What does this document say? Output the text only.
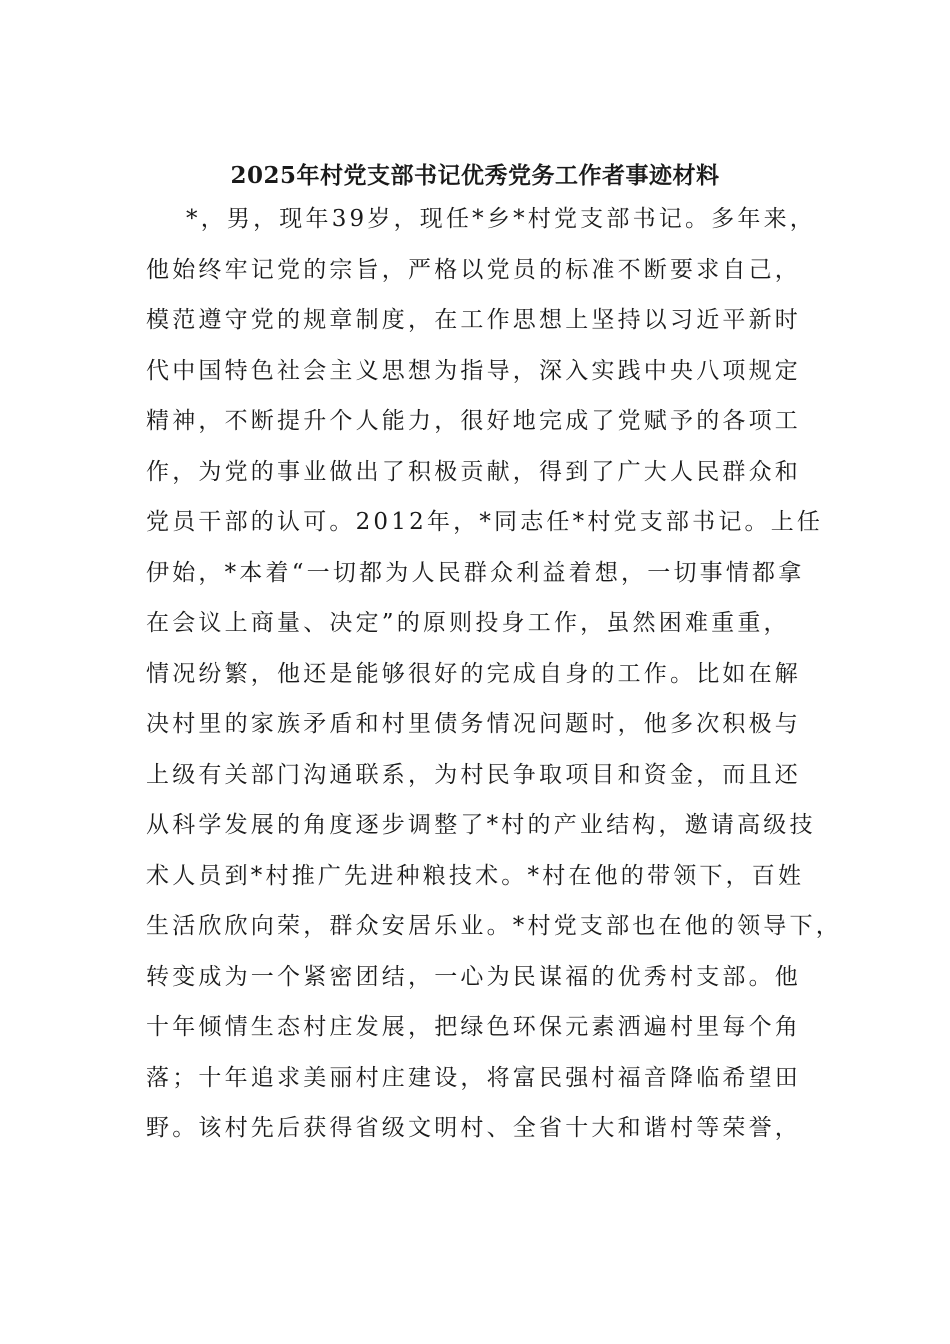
2025年村党支部书记优秀党务工作者事迹材料
*，男，现年39岁，现任*乡*村党支部书记。多年来，
他始终牢记党的宗旨，严格以党员的标准不断要求自己，
模范遵守党的规章制度，在工作思想上坚持以习近平新时
代中国特色社会主义思想为指导，深入实践中央八项规定
精神，不断提升个人能力，很好地完成了党赋予的各项工
作，为党的事业做出了积极贡献，得到了广大人民群众和
党员干部的认可。2012年，*同志任*村党支部书记。上任
伊始，*本着“一切都为人民群众利益着想，一切事情都拿
在会议上商量、决定”的原则投身工作，虽然困难重重，
情况纷繁，他还是能够很好的完成自身的工作。比如在解
决村里的家族矛盾和村里债务情况问题时，他多次积极与
上级有关部门沟通联系，为村民争取项目和资金，而且还
从科学发展的角度逐步调整了*村的产业结构，邀请高级技
术人员到*村推广先进种粮技术。*村在他的带领下，百姓
生活欣欣向荣，群众安居乐业。*村党支部也在他的领导下，
转变成为一个紧密团结，一心为民谋福的优秀村支部。他
十年倾情生态村庄发展，把绿色环保元素洒遍村里每个角
落；十年追求美丽村庄建设，将富民强村福音降临希望田
野。该村先后获得省级文明村、全省十大和谐村等荣誉，
